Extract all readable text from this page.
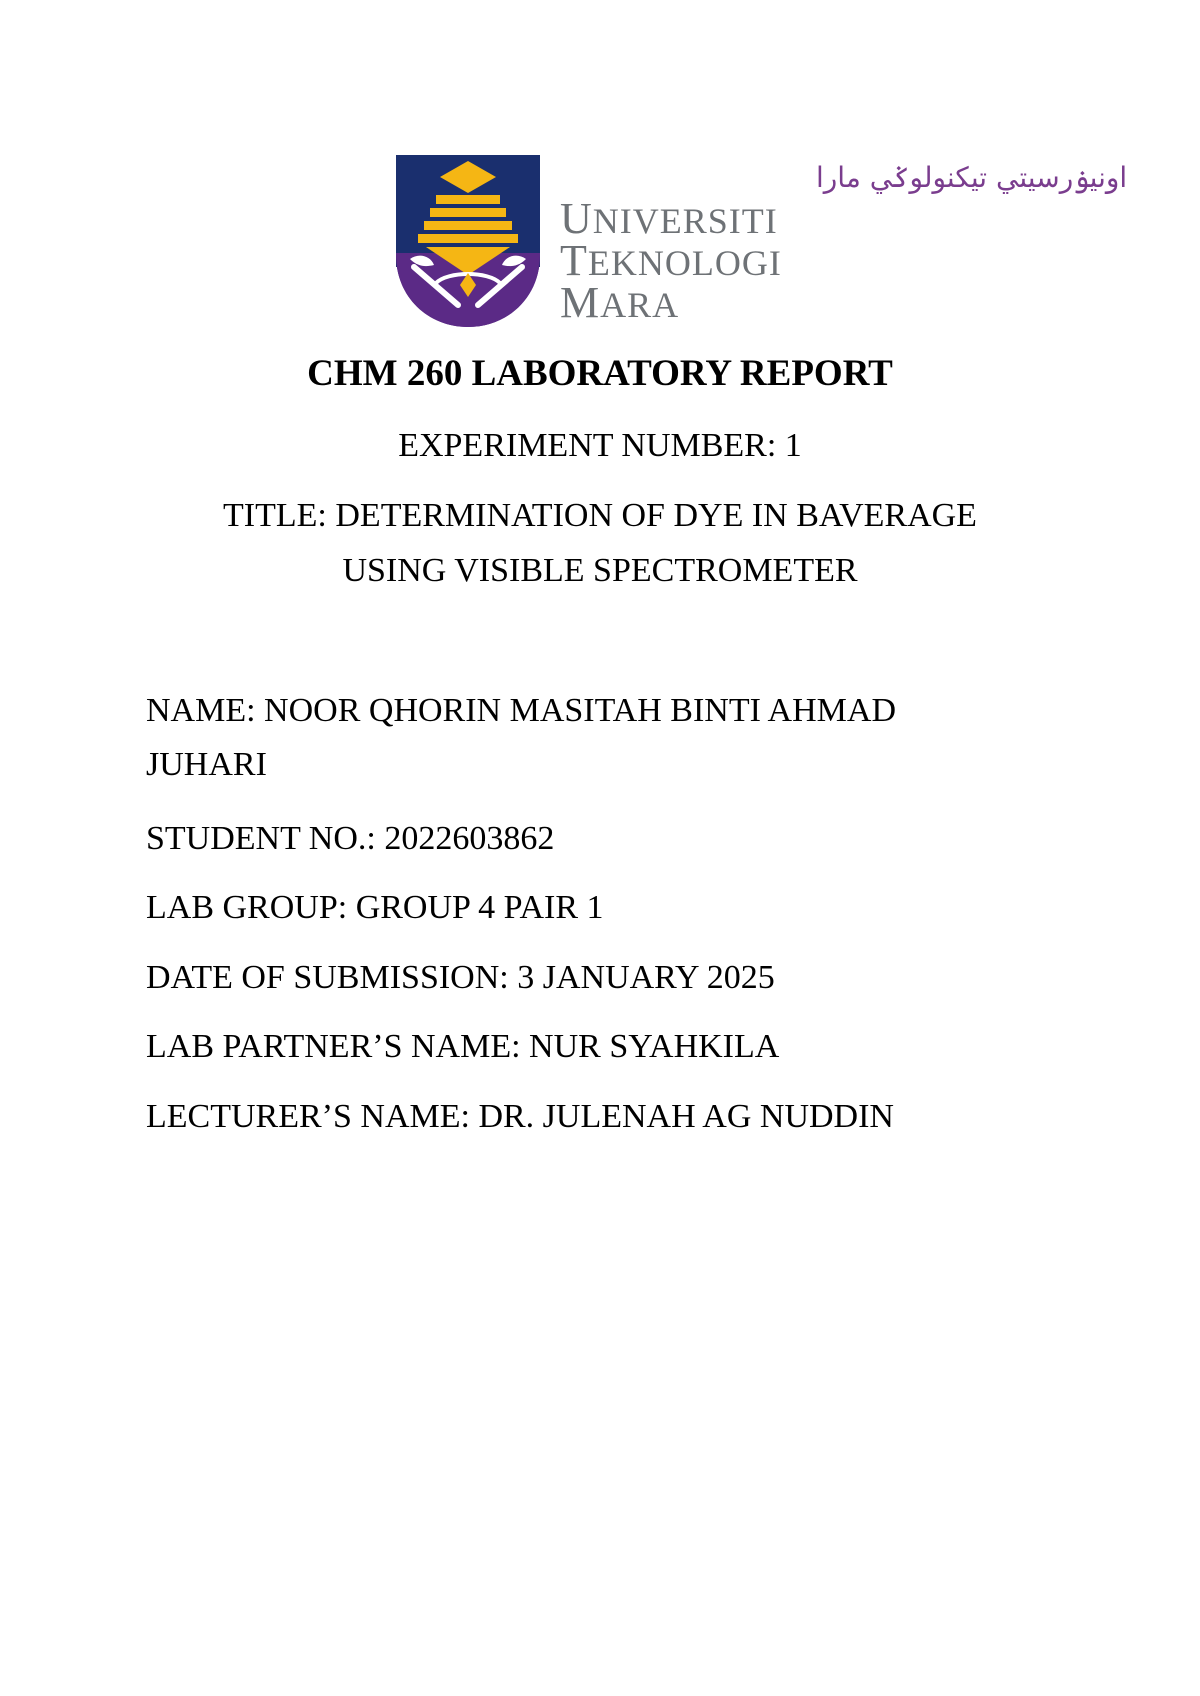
اونيۏرسيتي تيكنولوݢي مارا
UNIVERSITI
TEKNOLOGI
MARA
CHM 260 LABORATORY REPORT
EXPERIMENT NUMBER: 1
TITLE: DETERMINATION OF DYE IN BAVERAGE
USING VISIBLE SPECTROMETER
NAME: NOOR QHORIN MASITAH BINTI AHMAD
JUHARI
STUDENT NO.: 2022603862
LAB GROUP: GROUP 4 PAIR 1
DATE OF SUBMISSION: 3 JANUARY 2025
LAB PARTNER’S NAME: NUR SYAHKILA
LECTURER’S NAME: DR. JULENAH AG NUDDIN
